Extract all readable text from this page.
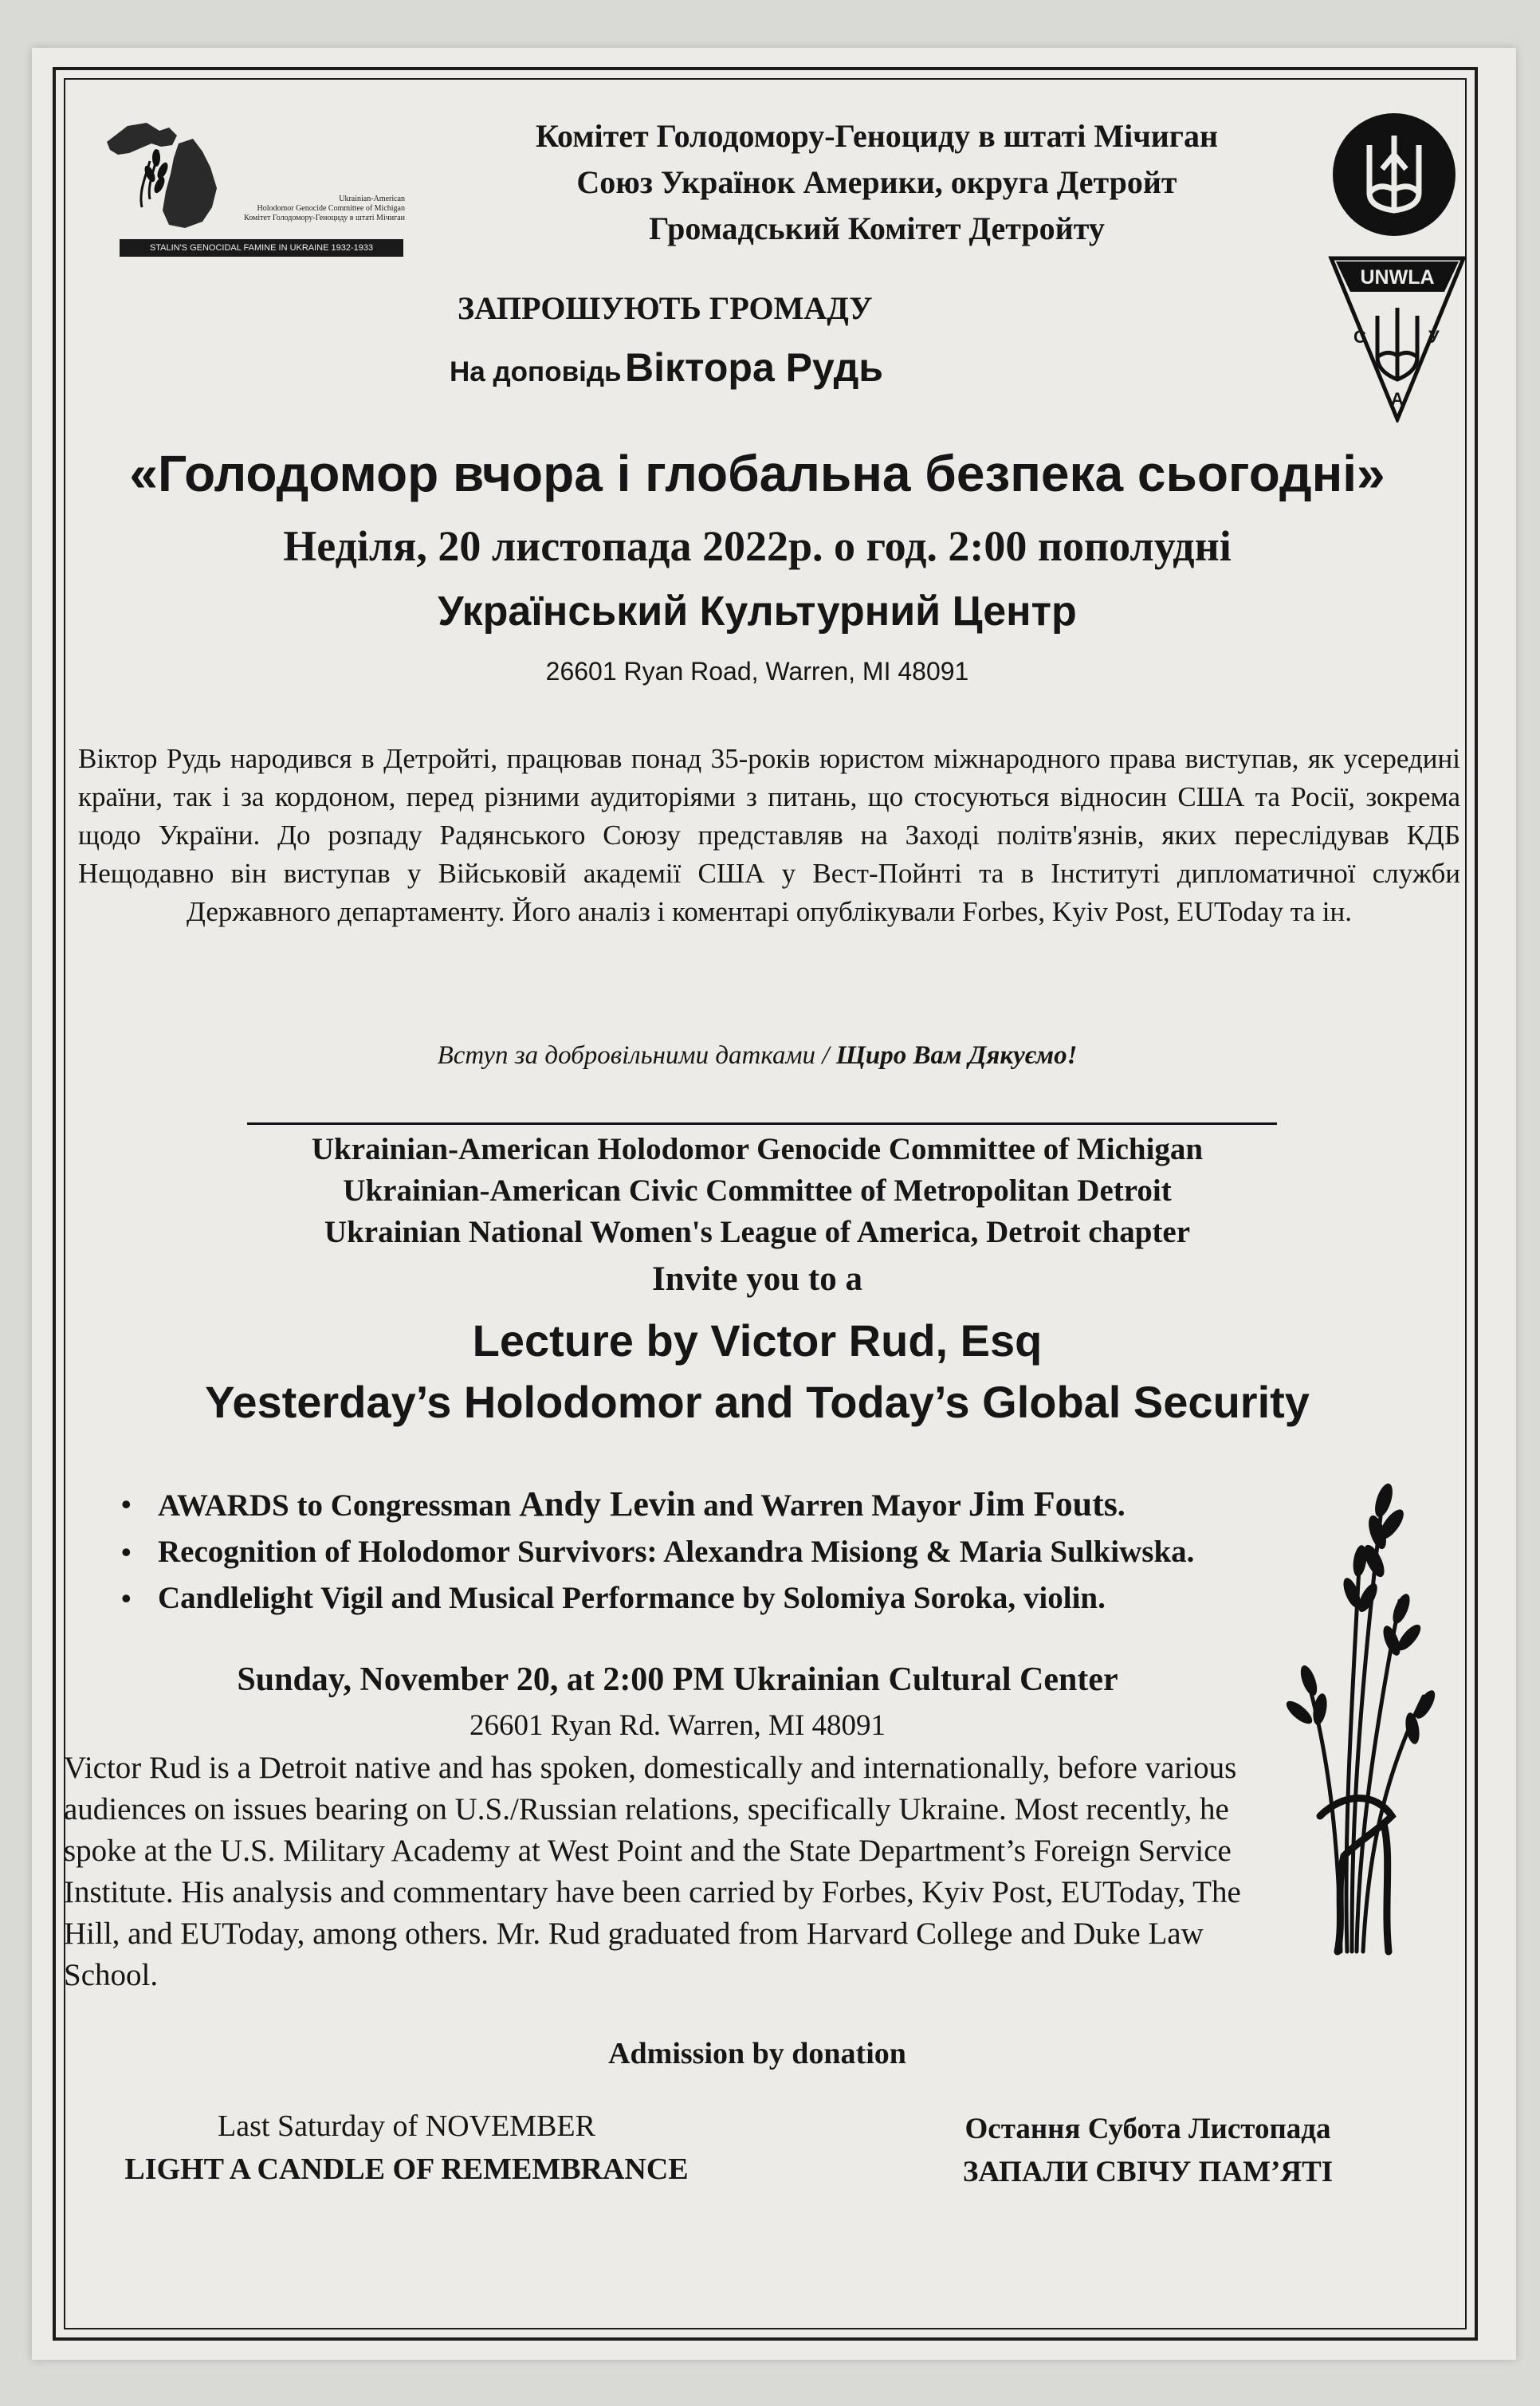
Ukrainian-American
Holodomor Genocide Committee of Michigan
Комітет Голодомору-Геноциду в штаті Мічиган
STALIN'S GENOCIDAL FAMINE IN UKRAINE 1932-1933
UNWLA
С	У
А
Комітет Голодомору-Геноциду в штаті Мічиган
Союз Українок Америки, округа Детройт
Громадський Комітет Детройту
ЗАПРОШУЮТЬ ГРОМАДУ
На доповідь Віктора Рудь
«Голодомор вчора і глобальна безпека сьогодні»
Неділя, 20 листопада 2022р. о год. 2:00 пополудні
Український Культурний Центр
26601 Ryan Road, Warren, MI 48091
Віктор Рудь народився в Детройті, працював понад 35-років юристом міжнародного права виступав, як усередині країни, так і за кордоном, перед різними аудиторіями з питань, що стосуються відносин США та Росії, зокрема щодо України. До розпаду Радянського Союзу представляв на Заході політв'язнів, яких переслідував КДБ Нещодавно він виступав у Військовій академії США у Вест-Пойнті та в Інституті дипломатичної служби Державного департаменту. Його аналіз і коментарі опублікували Forbes, Kyiv Post, EUToday та ін.
Вступ за добровільними датками / Щиро Вам Дякуємо!
Ukrainian-American Holodomor Genocide Committee of Michigan
Ukrainian-American Civic Committee of Metropolitan Detroit
Ukrainian National Women's League of America, Detroit chapter
Invite you to a
Lecture by Victor Rud, Esq
Yesterday’s Holodomor and Today’s Global Security
• AWARDS to Congressman Andy Levin and Warren Mayor Jim Fouts.
• Recognition of Holodomor Survivors: Alexandra Misiong & Maria Sulkiwska.
• Candlelight Vigil and Musical Performance by Solomiya Soroka, violin.
Sunday, November 20, at 2:00 PM Ukrainian Cultural Center
26601 Ryan Rd. Warren, MI 48091
Victor Rud is a Detroit native and has spoken, domestically and internationally, before various audiences on issues bearing on U.S./Russian relations, specifically Ukraine. Most recently, he spoke at the U.S. Military Academy at West Point and the State Department’s Foreign Service Institute. His analysis and commentary have been carried by Forbes, Kyiv Post, EUToday, The Hill, and EUToday, among others. Mr. Rud graduated from Harvard College and Duke Law School.
Admission by donation
Last Saturday of NOVEMBER
LIGHT A CANDLE OF REMEMBRANCE
Остання Субота Листопада
ЗАПАЛИ СВІЧУ ПАМ’ЯТІ
